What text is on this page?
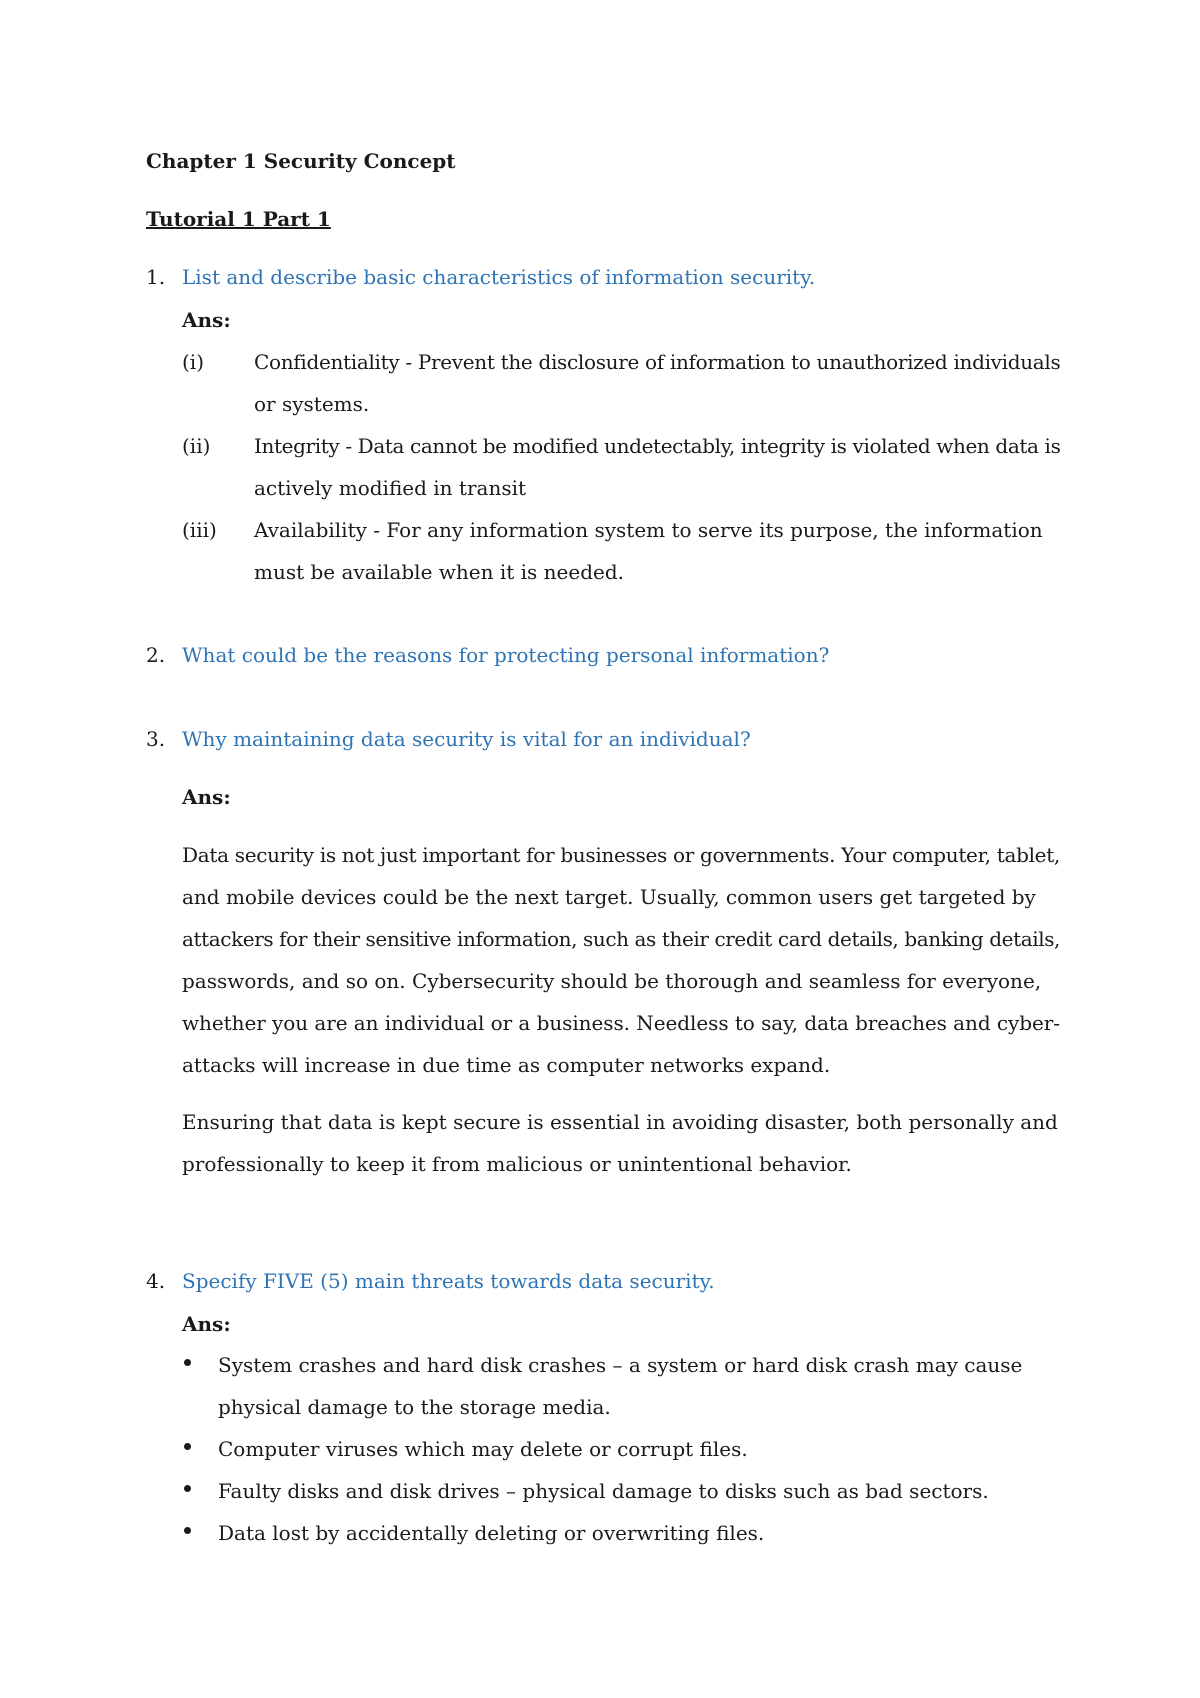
Chapter 1 Security Concept
Tutorial 1 Part 1
1. List and describe basic characteristics of information security.
Ans:
(i) Confidentiality - Prevent the disclosure of information to unauthorized individuals
or systems.
(ii) Integrity - Data cannot be modified undetectably, integrity is violated when data is
actively modified in transit
(iii) Availability - For any information system to serve its purpose, the information
must be available when it is needed.
2. What could be the reasons for protecting personal information?
3. Why maintaining data security is vital for an individual?
Ans:
Data security is not just important for businesses or governments. Your computer, tablet,
and mobile devices could be the next target. Usually, common users get targeted by
attackers for their sensitive information, such as their credit card details, banking details,
passwords, and so on. Cybersecurity should be thorough and seamless for everyone,
whether you are an individual or a business. Needless to say, data breaches and cyber-
attacks will increase in due time as computer networks expand.
Ensuring that data is kept secure is essential in avoiding disaster, both personally and
professionally to keep it from malicious or unintentional behavior.
4. Specify FIVE (5) main threats towards data security.
Ans:
System crashes and hard disk crashes – a system or hard disk crash may cause
physical damage to the storage media.
Computer viruses which may delete or corrupt files.
Faulty disks and disk drives – physical damage to disks such as bad sectors.
Data lost by accidentally deleting or overwriting files.
